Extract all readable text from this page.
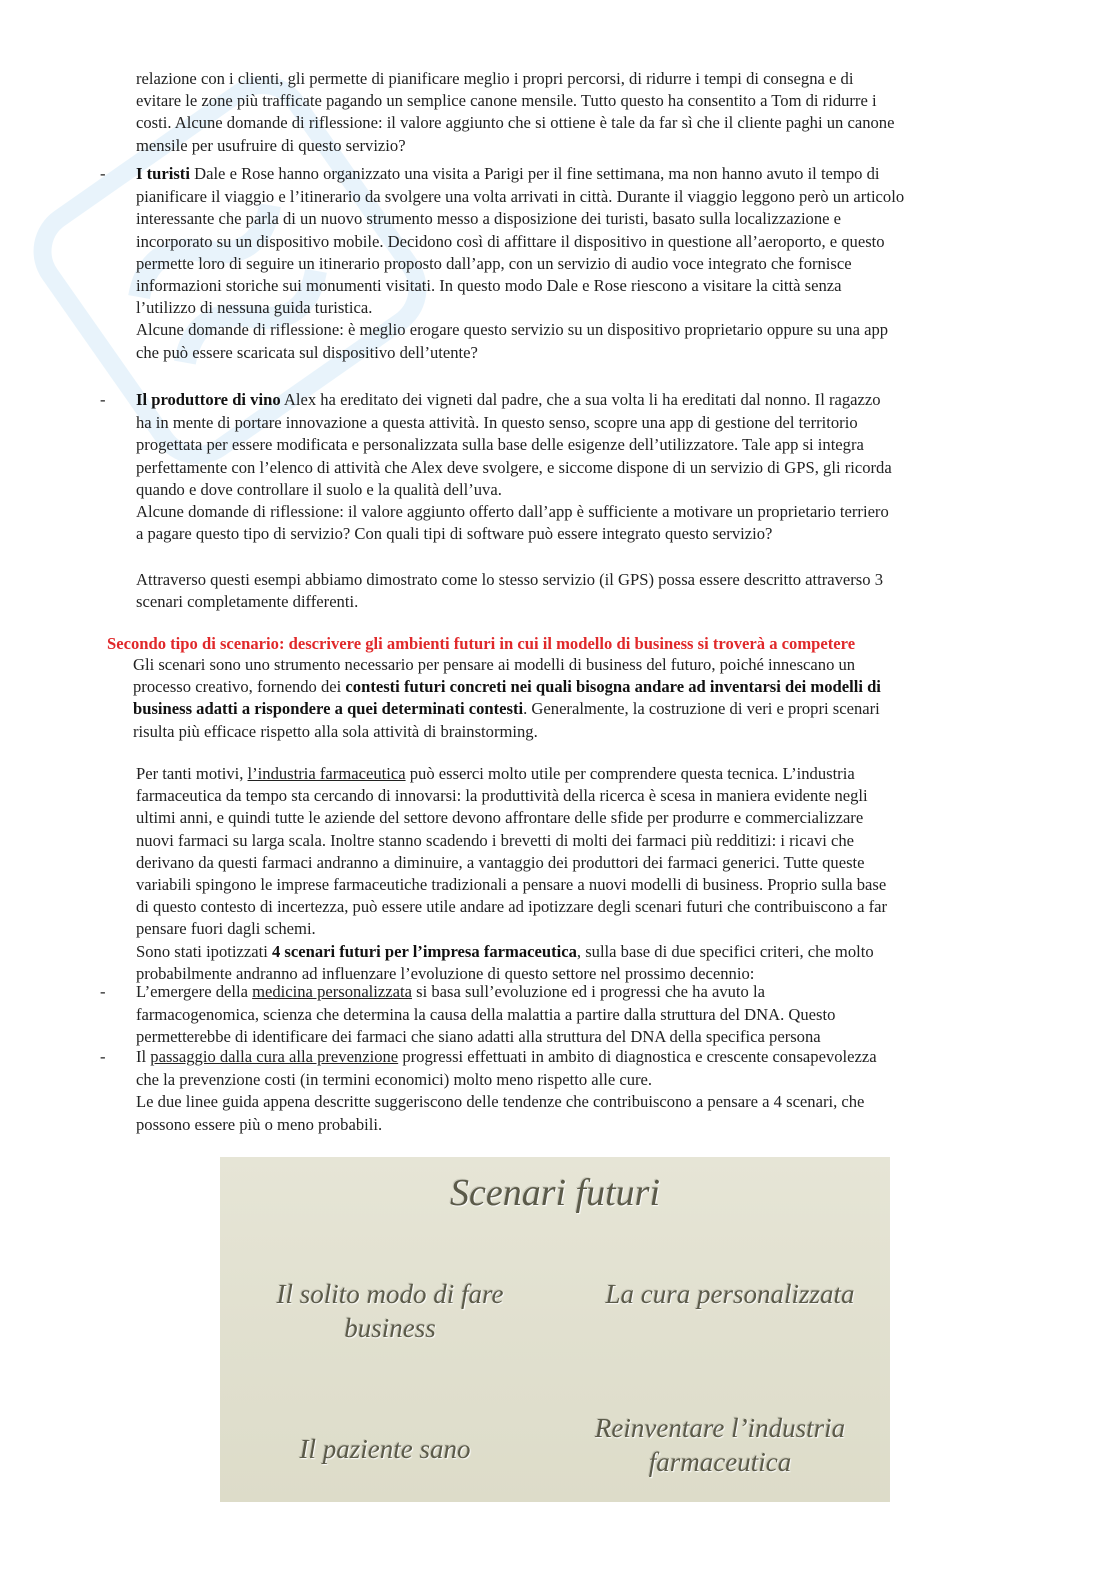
relazione con i clienti, gli permette di pianificare meglio i propri percorsi, di ridurre i tempi di consegna e di
evitare le zone più trafficate pagando un semplice canone mensile. Tutto questo ha consentito a Tom di ridurre i
costi. Alcune domande di riflessione: il valore aggiunto che si ottiene è tale da far sì che il cliente paghi un canone
mensile per usufruire di questo servizio?
- I turisti Dale e Rose hanno organizzato una visita a Parigi per il fine settimana, ma non hanno avuto il tempo di
pianificare il viaggio e l’itinerario da svolgere una volta arrivati in città. Durante il viaggio leggono però un articolo
interessante che parla di un nuovo strumento messo a disposizione dei turisti, basato sulla localizzazione e
incorporato su un dispositivo mobile. Decidono così di affittare il dispositivo in questione all’aeroporto, e questo
permette loro di seguire un itinerario proposto dall’app, con un servizio di audio voce integrato che fornisce
informazioni storiche sui monumenti visitati. In questo modo Dale e Rose riescono a visitare la città senza
l’utilizzo di nessuna guida turistica.
Alcune domande di riflessione: è meglio erogare questo servizio su un dispositivo proprietario oppure su una app
che può essere scaricata sul dispositivo dell’utente?
- Il produttore di vino Alex ha ereditato dei vigneti dal padre, che a sua volta li ha ereditati dal nonno. Il ragazzo
ha in mente di portare innovazione a questa attività. In questo senso, scopre una app di gestione del territorio
progettata per essere modificata e personalizzata sulla base delle esigenze dell’utilizzatore. Tale app si integra
perfettamente con l’elenco di attività che Alex deve svolgere, e siccome dispone di un servizio di GPS, gli ricorda
quando e dove controllare il suolo e la qualità dell’uva.
Alcune domande di riflessione: il valore aggiunto offerto dall’app è sufficiente a motivare un proprietario terriero
a pagare questo tipo di servizio? Con quali tipi di software può essere integrato questo servizio?
Attraverso questi esempi abbiamo dimostrato come lo stesso servizio (il GPS) possa essere descritto attraverso 3
scenari completamente differenti.
Secondo tipo di scenario: descrivere gli ambienti futuri in cui il modello di business si troverà a competere
Gli scenari sono uno strumento necessario per pensare ai modelli di business del futuro, poiché innescano un
processo creativo, fornendo dei contesti futuri concreti nei quali bisogna andare ad inventarsi dei modelli di
business adatti a rispondere a quei determinati contesti. Generalmente, la costruzione di veri e propri scenari
risulta più efficace rispetto alla sola attività di brainstorming.
Per tanti motivi, l’industria farmaceutica può esserci molto utile per comprendere questa tecnica. L’industria
farmaceutica da tempo sta cercando di innovarsi: la produttività della ricerca è scesa in maniera evidente negli
ultimi anni, e quindi tutte le aziende del settore devono affrontare delle sfide per produrre e commercializzare
nuovi farmaci su larga scala. Inoltre stanno scadendo i brevetti di molti dei farmaci più redditizi: i ricavi che
derivano da questi farmaci andranno a diminuire, a vantaggio dei produttori dei farmaci generici. Tutte queste
variabili spingono le imprese farmaceutiche tradizionali a pensare a nuovi modelli di business. Proprio sulla base
di questo contesto di incertezza, può essere utile andare ad ipotizzare degli scenari futuri che contribuiscono a far
pensare fuori dagli schemi.
Sono stati ipotizzati 4 scenari futuri per l’impresa farmaceutica, sulla base di due specifici criteri, che molto
probabilmente andranno ad influenzare l’evoluzione di questo settore nel prossimo decennio:
- L’emergere della medicina personalizzata si basa sull’evoluzione ed i progressi che ha avuto la
farmacogenomica, scienza che determina la causa della malattia a partire dalla struttura del DNA. Questo
permetterebbe di identificare dei farmaci che siano adatti alla struttura del DNA della specifica persona
- Il passaggio dalla cura alla prevenzione progressi effettuati in ambito di diagnostica e crescente consapevolezza
che la prevenzione costi (in termini economici) molto meno rispetto alle cure.
Le due linee guida appena descritte suggeriscono delle tendenze che contribuiscono a pensare a 4 scenari, che
possono essere più o meno probabili.
Scenari futuri
Il solito modo di fare
business
La cura personalizzata
Il paziente sano
Reinventare l’industria
farmaceutica
